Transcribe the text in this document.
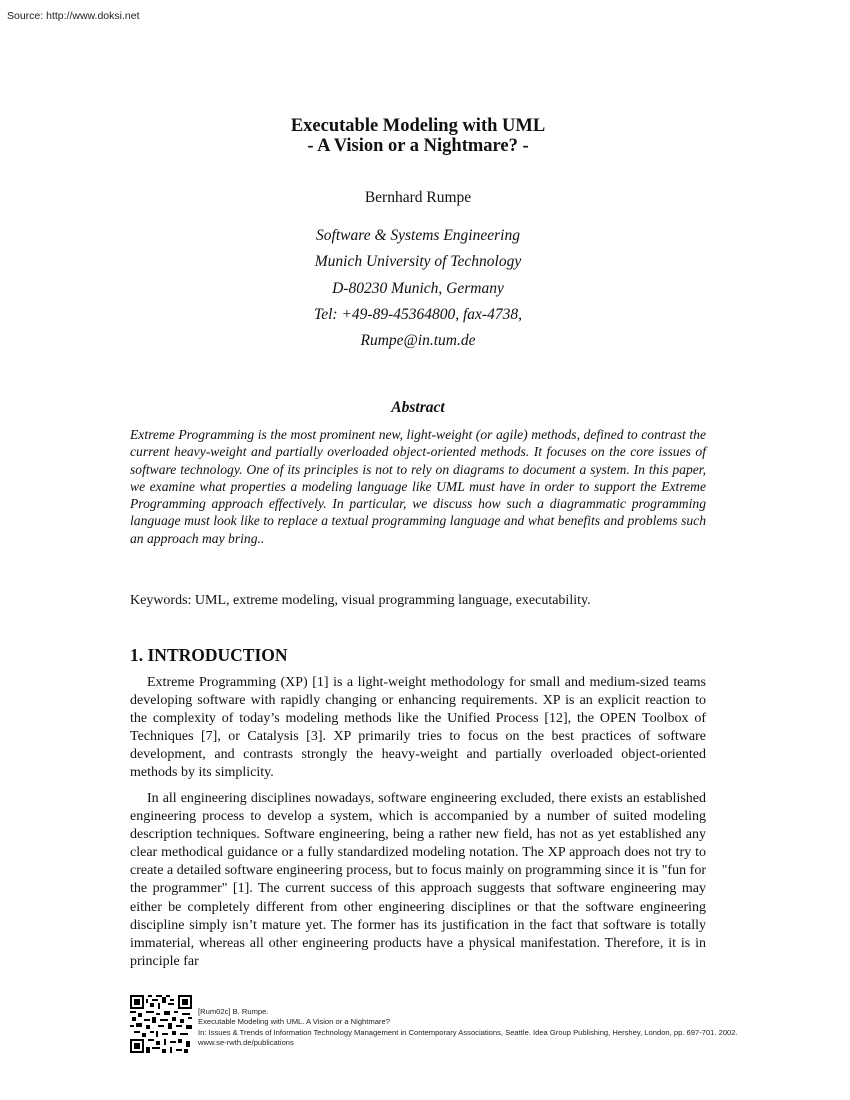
Source: http://www.doksi.net
Executable Modeling with UML
- A Vision or a Nightmare? -
Bernhard Rumpe
Software & Systems Engineering
Munich University of Technology
D-80230 Munich, Germany
Tel: +49-89-45364800, fax-4738,
Rumpe@in.tum.de
Abstract
Extreme Programming is the most prominent new, light-weight (or agile) methods, defined to contrast the current heavy-weight and partially overloaded object-oriented methods. It focuses on the core issues of software technology. One of its principles is not to rely on diagrams to document a system. In this paper, we examine what properties a modeling language like UML must have in order to support the Extreme Programming approach effectively. In particular, we discuss how such a diagrammatic programming language must look like to replace a textual programming language and what benefits and problems such an approach may bring..
Keywords: UML, extreme modeling, visual programming language, executability.
1. INTRODUCTION

Extreme Programming (XP) [1] is a light-weight methodology for small and medium-sized teams developing software with rapidly changing or enhancing requirements. XP is an explicit reaction to the complexity of today’s modeling methods like the Unified Process [12], the OPEN Toolbox of Techniques [7], or Catalysis [3]. XP primarily tries to focus on the best practices of software development, and contrasts strongly the heavy-weight and partially overloaded object-oriented methods by its simplicity.

In all engineering disciplines nowadays, software engineering excluded, there exists an established engineering process to develop a system, which is accompanied by a number of suited modeling description techniques. Software engineering, being a rather new field, has not as yet established any clear methodical guidance or a fully standardized modeling notation. The XP approach does not try to create a detailed software engineering process, but to focus mainly on programming since it is "fun for the programmer" [1]. The current success of this approach suggests that software engineering may either be completely different from other engineering disciplines or that the software engineering discipline simply isn’t mature yet. The former has its justification in the fact that software is totally immaterial, whereas all other engineering products have a physical manifestation. Therefore, it is in principle far

[Rum02c] B. Rumpe.
Executable Modeling with UML. A Vision or a Nightmare?
In: Issues & Trends of Information Technology Management in Contemporary Associations, Seattle. Idea Group Publishing, Hershey, London, pp. 697-701. 2002.
www.se-rwth.de/publications
